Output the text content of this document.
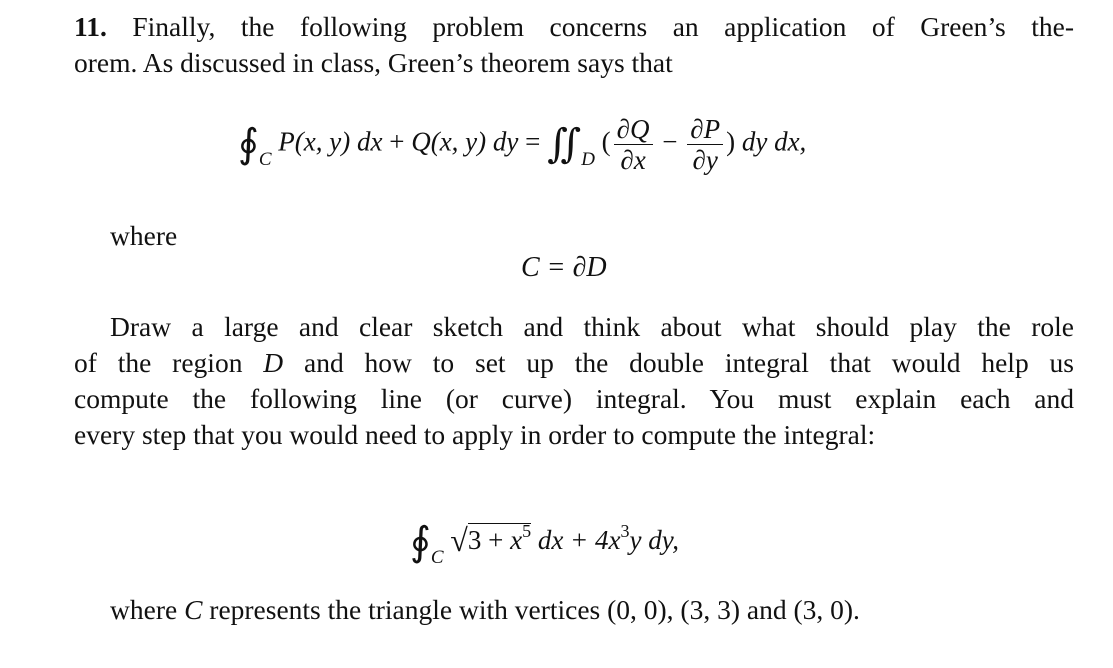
11. Finally, the following problem concerns an application of Green’s the-
orem. As discussed in class, Green’s theorem says that
$∮_C$ P(x, y) dx + Q(x, y) dy = $∬_D$ ( $\frac{\partial Q}{\partial x} - \frac{\partial P}{\partial y}$ ) dy dx,
where
C = ∂D
Draw a large and clear sketch and think about what should play the role
of the region D and how to set up the double integral that would help us
compute the following line (or curve) integral. You must explain each and
every step that you would need to apply in order to compute the integral:
$∮_C$ $√3 + x^5$ dx + $4x^3y$ dy,
where C represents the triangle with vertices (0, 0), (3, 3) and (3, 0).
